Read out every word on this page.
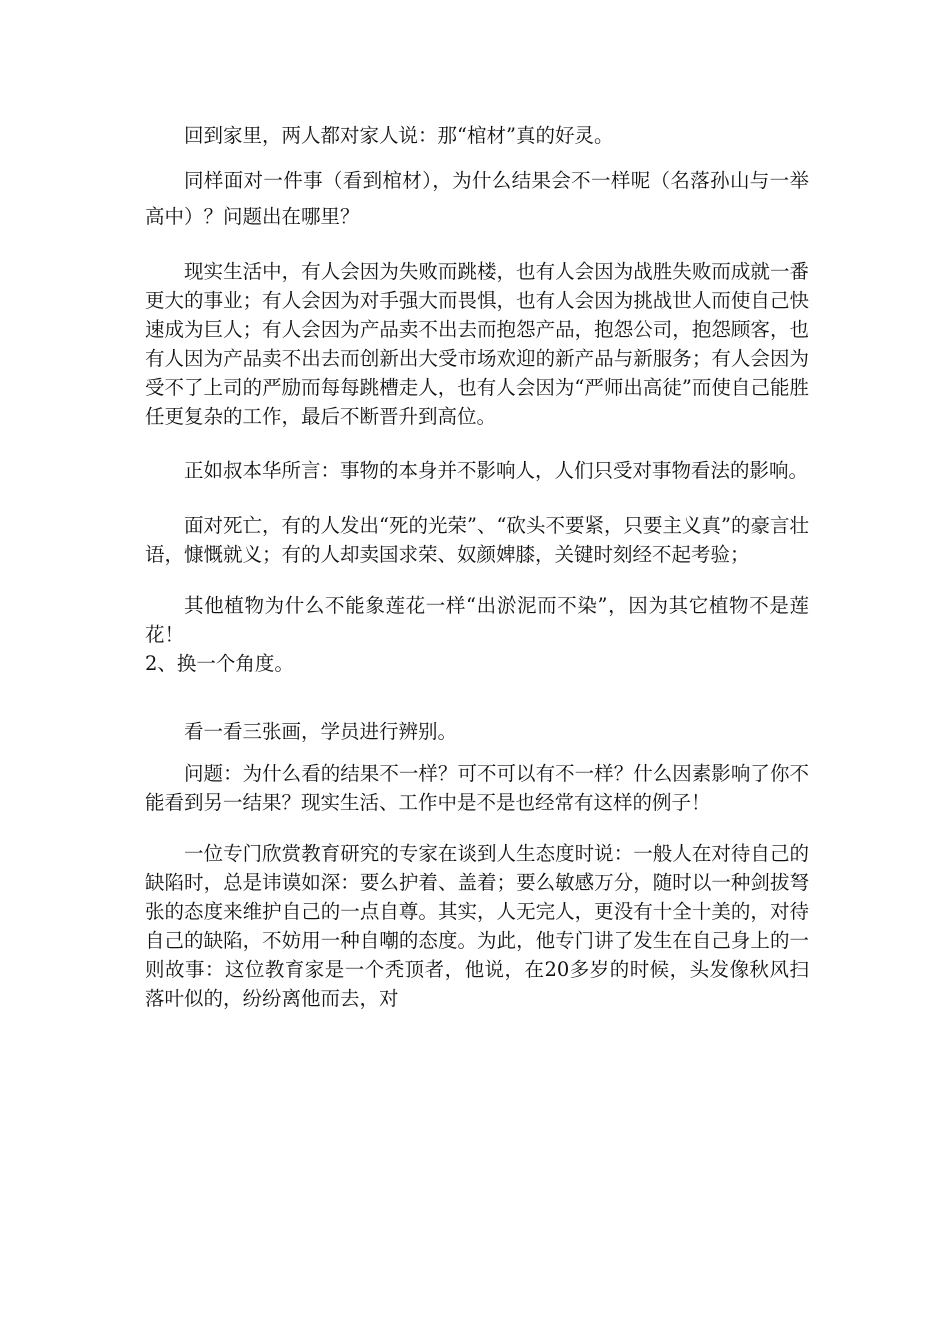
回到家里，两人都对家人说：那“棺材”真的好灵。

同样面对一件事（看到棺材），为什么结果会不一样呢（名落孙山与一举高中）？问题出在哪里？

现实生活中，有人会因为失败而跳楼，也有人会因为战胜失败而成就一番更大的事业；有人会因为对手强大而畏惧，也有人会因为挑战世人而使自己快速成为巨人；有人会因为产品卖不出去而抱怨产品，抱怨公司，抱怨顾客，也有人因为产品卖不出去而创新出大受市场欢迎的新产品与新服务；有人会因为受不了上司的严励而每每跳槽走人，也有人会因为“严师出高徒”而使自己能胜任更复杂的工作，最后不断晋升到高位。

正如叔本华所言：事物的本身并不影响人，人们只受对事物看法的影响。

面对死亡，有的人发出“死的光荣”、“砍头不要紧，只要主义真”的豪言壮语，慷慨就义；有的人却卖国求荣、奴颜婢膝，关键时刻经不起考验；

其他植物为什么不能象莲花一样“出淤泥而不染”，因为其它植物不是莲花！

2、换一个角度。

看一看三张画，学员进行辨别。

问题：为什么看的结果不一样？可不可以有不一样？什么因素影响了你不能看到另一结果？现实生活、工作中是不是也经常有这样的例子！

一位专门欣赏教育研究的专家在谈到人生态度时说：一般人在对待自己的缺陷时，总是讳谟如深：要么护着、盖着；要么敏感万分，随时以一种剑拔弩张的态度来维护自己的一点自尊。其实，人无完人，更没有十全十美的，对待自己的缺陷，不妨用一种自嘲的态度。为此，他专门讲了发生在自己身上的一则故事：这位教育家是一个秃顶者，他说，在20多岁的时候，头发像秋风扫落叶似的，纷纷离他而去，对
